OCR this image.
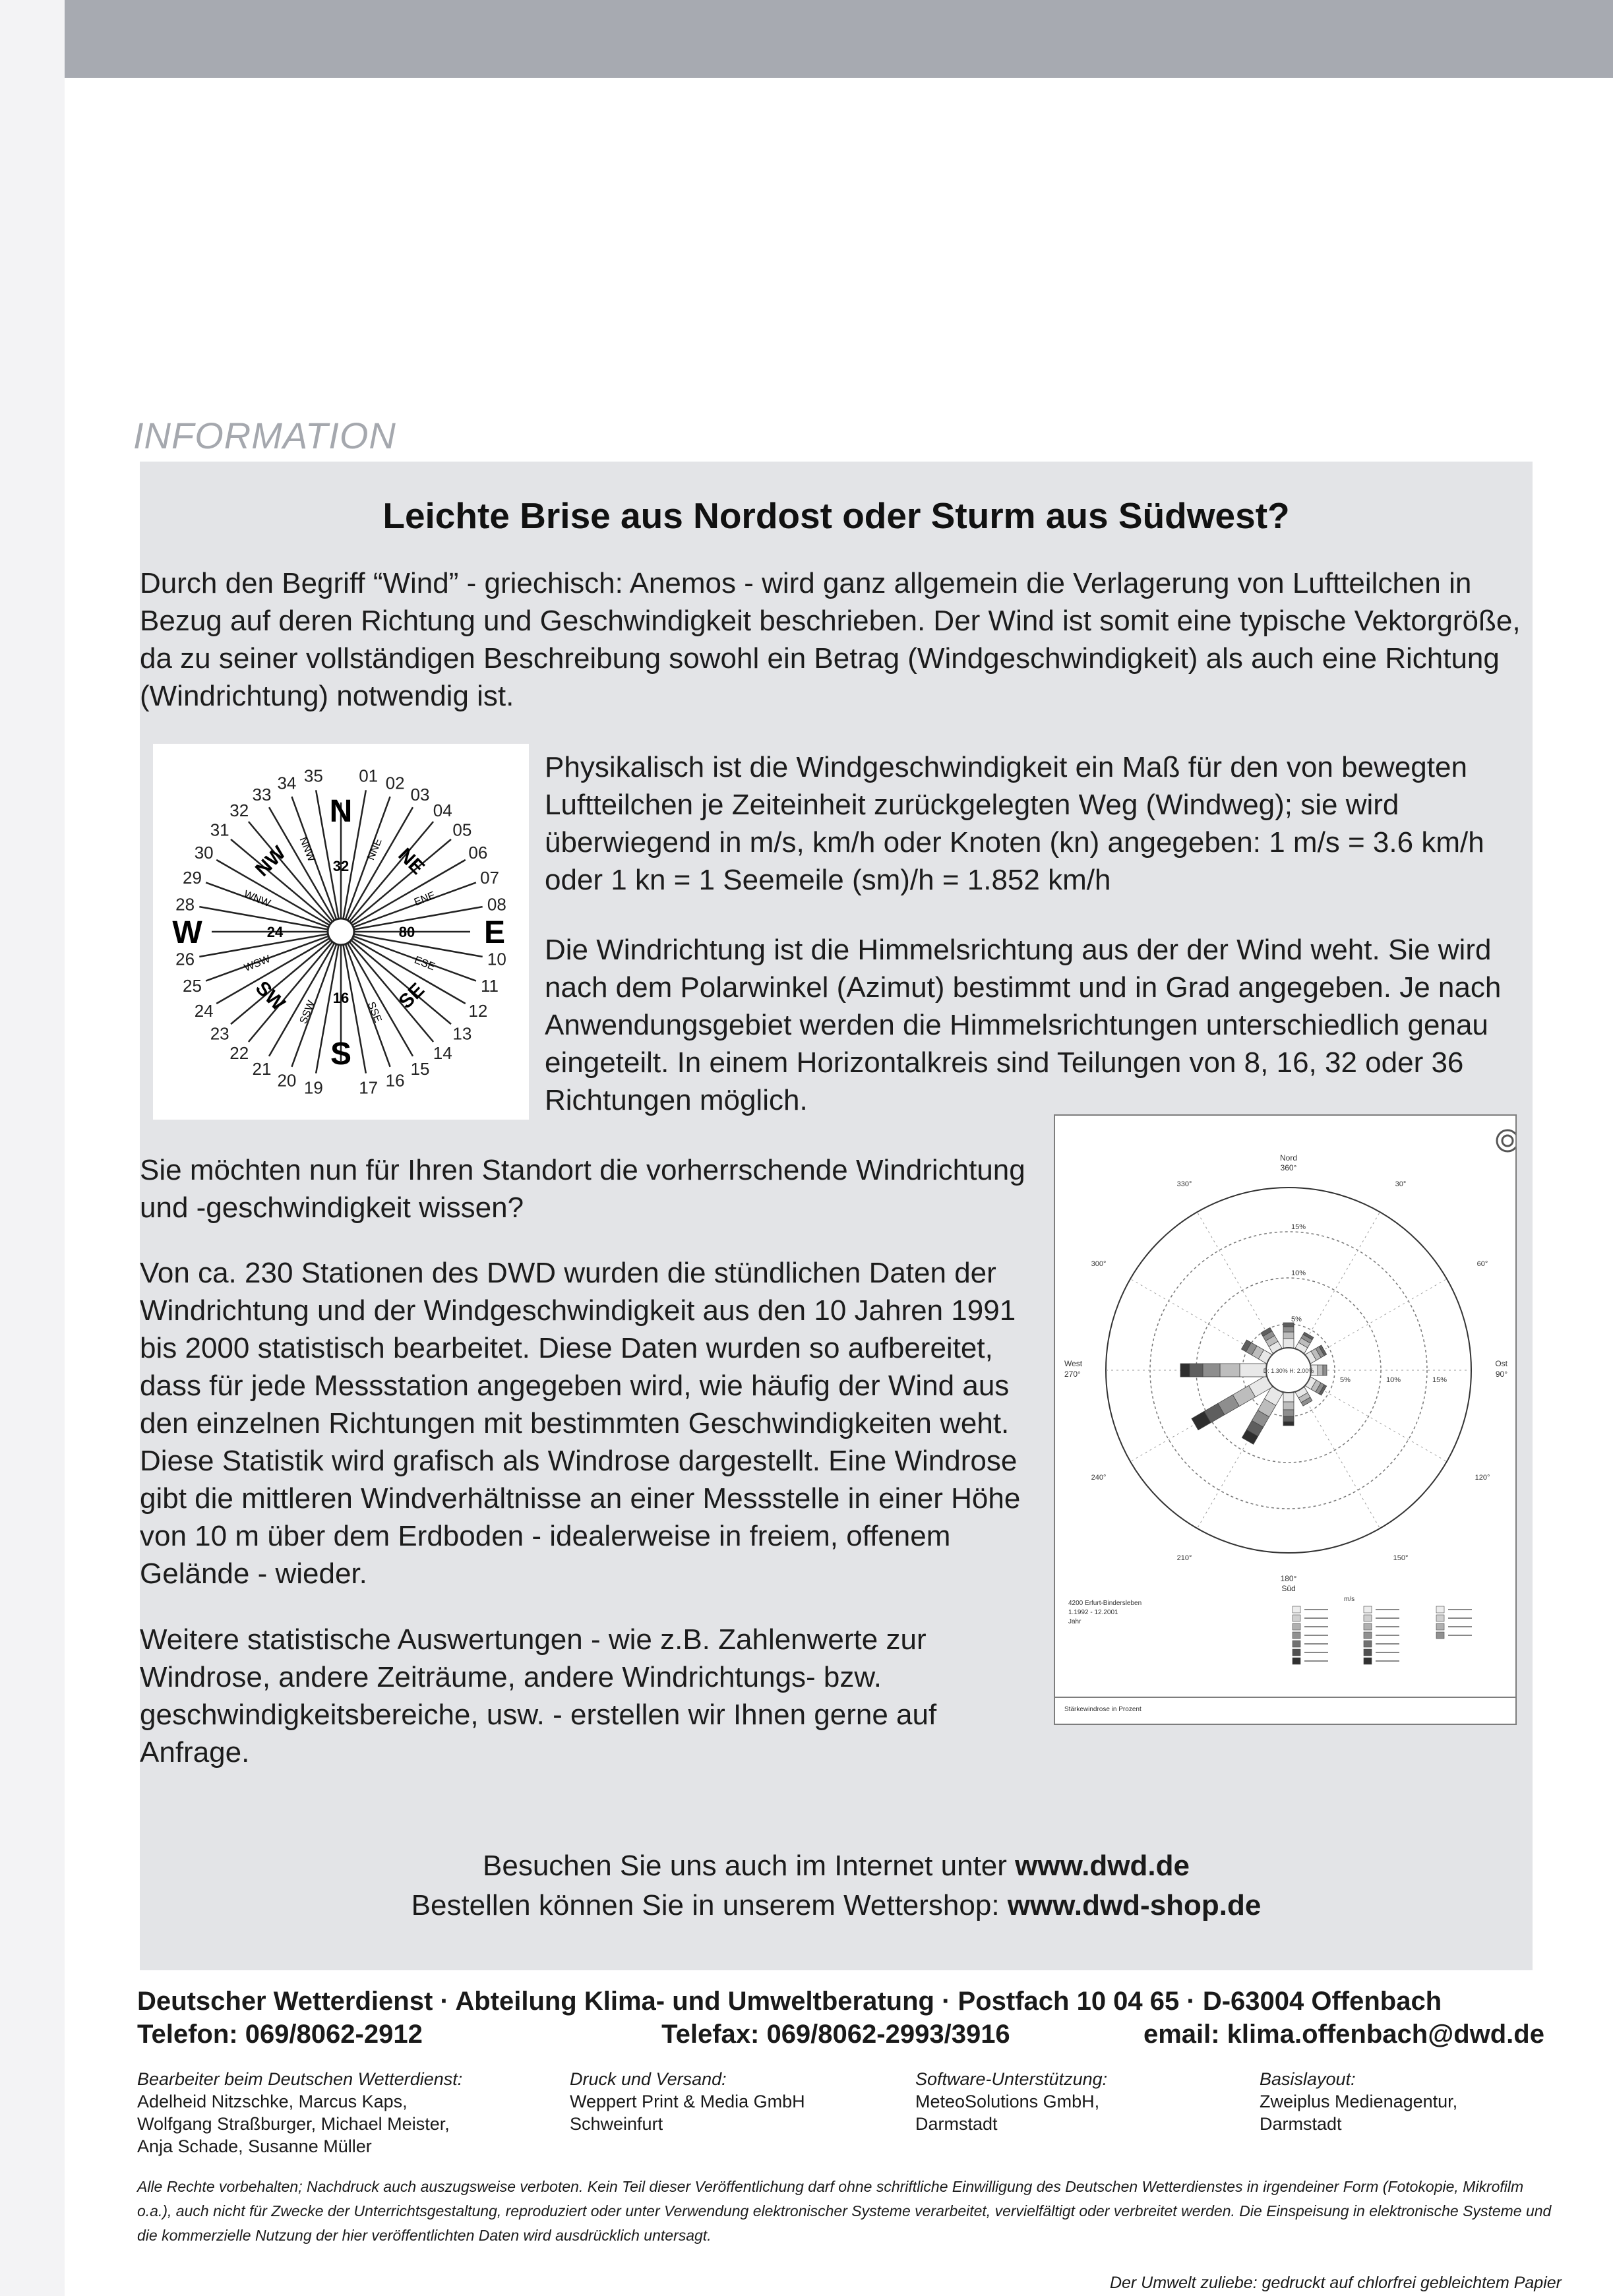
INFORMATION
Leichte Brise aus Nordost oder Sturm aus Südwest?

Durch den Begriff “Wind” - griechisch: Anemos - wird ganz allgemein die Verlagerung von Luftteilchen in Bezug auf deren Richtung und Geschwindigkeit beschrieben. Der Wind ist somit eine typische Vektorgröße, da zu seiner vollständigen Beschreibung sowohl ein Betrag (Windgeschwindigkeit) als auch eine Richtung (Windrichtung) notwendig ist.

01 02
03
04
05
06
07
08
10
11
12
13
14
15
16
17
19
20
21
22
23
24
25
26
28
29
30
31
32
33
34 35
N
E
S
W
32
80
16
24
NE
SE
SW
NW	NNE
ENE
ESE
SSE
SSW
WSW
WNW
NNW

Physikalisch ist die Windgeschwindigkeit ein Maß für den von bewegten Luftteilchen je Zeiteinheit zurückgelegten Weg (Windweg); sie wird überwiegend in m/s, km/h oder Knoten (kn) angegeben: 1 m/s = 3.6 km/h oder 1 kn = 1 Seemeile (sm)/h = 1.852 km/h

Die Windrichtung ist die Himmelsrichtung aus der der Wind weht. Sie wird nach dem Polarwinkel (Azimut) bestimmt und in Grad angegeben. Je nach Anwendungsgebiet werden die Himmelsrichtungen unterschiedlich genau eingeteilt. In einem Horizontalkreis sind Teilungen von 8, 16, 32 oder 36 Richtungen möglich.

Sie möchten nun für Ihren Standort die vorherrschende Windrichtung und -geschwindigkeit wissen?

Von ca. 230 Stationen des DWD wurden die stündlichen Daten der Windrichtung und der Windgeschwindigkeit aus den 10 Jahren 1991 bis 2000 statistisch bearbeitet. Diese Daten wurden so aufbereitet, dass für jede Messstation angegeben wird, wie häufig der Wind aus den einzelnen Richtungen mit bestimmten Geschwindigkeiten weht. Diese Statistik wird grafisch als Windrose dargestellt. Eine Windrose gibt die mittleren Windverhältnisse an einer Messstelle in einer Höhe von 10 m über dem Erdboden - idealerweise in freiem, offenem Gelände - wieder.

Weitere statistische Auswertungen - wie z.B. Zahlenwerte zur Windrose, andere Zeiträume, andere Windrichtungs- bzw. geschwindigkeitsbereiche, usw. - erstellen wir Ihnen gerne auf Anfrage.

D: 1.30% H: 2.00%
Nord
360°
180°
Süd
West
270°
Ost
90°
330°	30°
300°	60°
240°	120°
210°	150°
5%
5%
10%
10%
15%
15%
4200 Erfurt-Bindersleben
1.1992 - 12.2001
Jahr
m/s
Stärkewindrose in Prozent
Besuchen Sie uns auch im Internet unter www.dwd.de
Bestellen können Sie in unserem Wettershop: www.dwd-shop.de
Deutscher Wetterdienst · Abteilung Klima- und Umweltberatung · Postfach 10 04 65 · D-63004 Offenbach
Telefon: 069/8062-2912	Telefax: 069/8062-2993/3916	email: klima.offenbach@dwd.de
Bearbeiter beim Deutschen Wetterdienst:
Adelheid Nitzschke, Marcus Kaps,
Wolfgang Straßburger, Michael Meister,
Anja Schade, Susanne Müller
Druck und Versand:
Weppert Print & Media GmbH
Schweinfurt
Software-Unterstützung:
MeteoSolutions GmbH,
Darmstadt
Basislayout:
Zweiplus Medienagentur,
Darmstadt
Alle Rechte vorbehalten; Nachdruck auch auszugsweise verboten. Kein Teil dieser Veröffentlichung darf ohne schriftliche Einwilligung des Deutschen Wetterdienstes in irgendeiner Form (Fotokopie, Mikrofilm o.a.), auch nicht für Zwecke der Unterrichtsgestaltung, reproduziert oder unter Verwendung elektronischer Systeme verarbeitet, vervielfältigt oder verbreitet werden. Die Einspeisung in elektronische Systeme und die kommerzielle Nutzung der hier veröffentlichten Daten wird ausdrücklich untersagt.
Der Umwelt zuliebe: gedruckt auf chlorfrei gebleichtem Papier
